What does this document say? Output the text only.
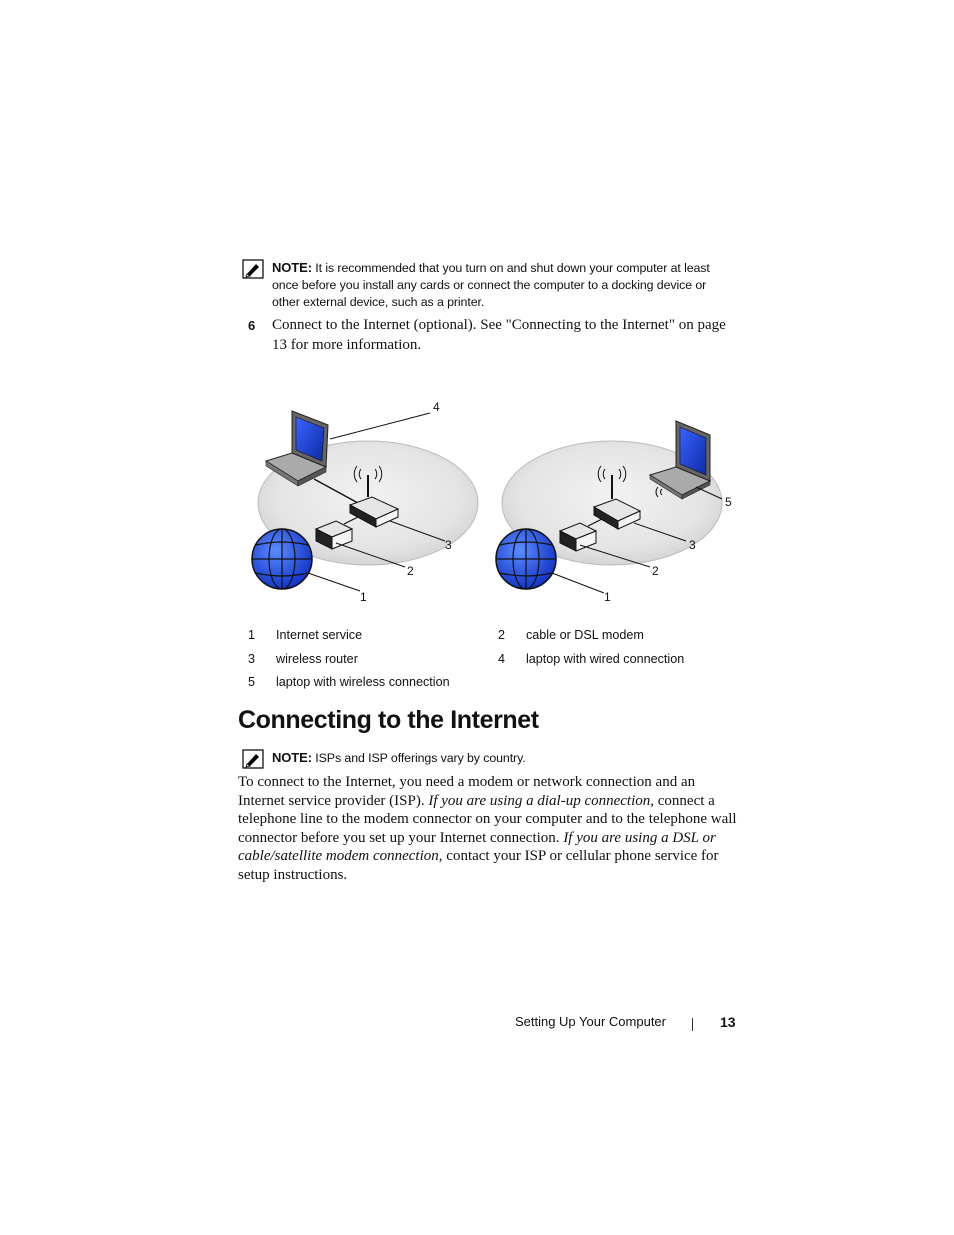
NOTE: It is recommended that you turn on and shut down your computer at least once before you install any cards or connect the computer to a docking device or other external device, such as a printer.
6 Connect to the Internet (optional). See "Connecting to the Internet" on page 13 for more information.
4
3
2
1
5
3
2
1
1 Internet service	2 cable or DSL modem
3 wireless router	4 laptop with wired connection
5 laptop with wireless connection
Connecting to the Internet
NOTE: ISPs and ISP offerings vary by country.

To connect to the Internet, you need a modem or network connection and an Internet service provider (ISP). If you are using a dial-up connection, connect a telephone line to the modem connector on your computer and to the telephone wall connector before you set up your Internet connection. If you are using a DSL or cable/satellite modem connection, contact your ISP or cellular phone service for setup instructions.

Setting Up Your Computer	13
